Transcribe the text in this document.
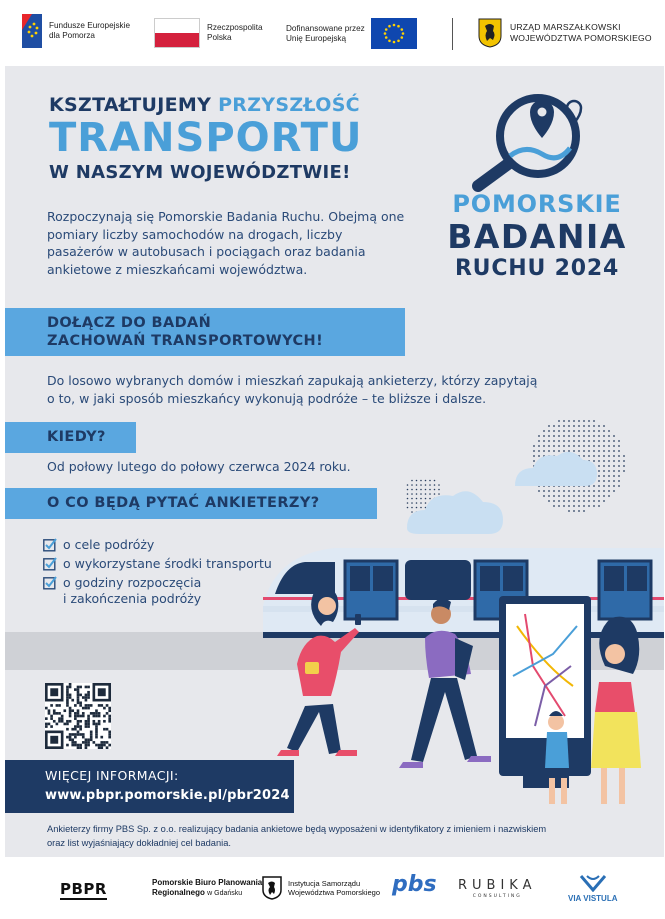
Fundusze Europejskie
dla Pomorza
Rzeczpospolita
Polska
Dofinansowane przez
Unię Europejską
URZĄD MARSZAŁKOWSKI
WOJEWÓDZTWA POMORSKIEGO
KSZTAŁTUJEMY PRZYSZŁOŚĆ
TRANSPORTU
W NASZYM WOJEWÓDZTWIE!
Rozpoczynają się Pomorskie Badania Ruchu. Obejmą one pomiary liczby samochodów na drogach, liczby pasażerów w autobusach i pociągach oraz badania ankietowe z mieszkańcami województwa.
POMORSKIE
BADANIA
RUCHU 2024
DOŁĄCZ DO BADAŃ
ZACHOWAŃ TRANSPORTOWYCH!
Do losowo wybranych domów i mieszkań zapukają ankieterzy, którzy zapytają
o to, w jaki sposób mieszkańcy wykonują podróże – te bliższe i dalsze.
KIEDY?
Od połowy lutego do połowy czerwca 2024 roku.
O CO BĘDĄ PYTAĆ ANKIETERZY?
o cele podróży
o wykorzystane środki transportu
o godziny rozpoczęcia
i zakończenia podróży
WIĘCEJ INFORMACJI:
www.pbpr.pomorskie.pl/pbr2024
Ankieterzy firmy PBS Sp. z o.o. realizujący badania ankietowe będą wyposażeni w identyfikatory z imieniem i nazwiskiem
oraz list wyjaśniający dokładniej cel badania.
PBPR	Pomorskie Biuro Planowania
Regionalnego w Gdańsku
Instytucja Samorządu
Województwa Pomorskiego pbs RUBIKA
CONSULTING	VIA VISTULA
